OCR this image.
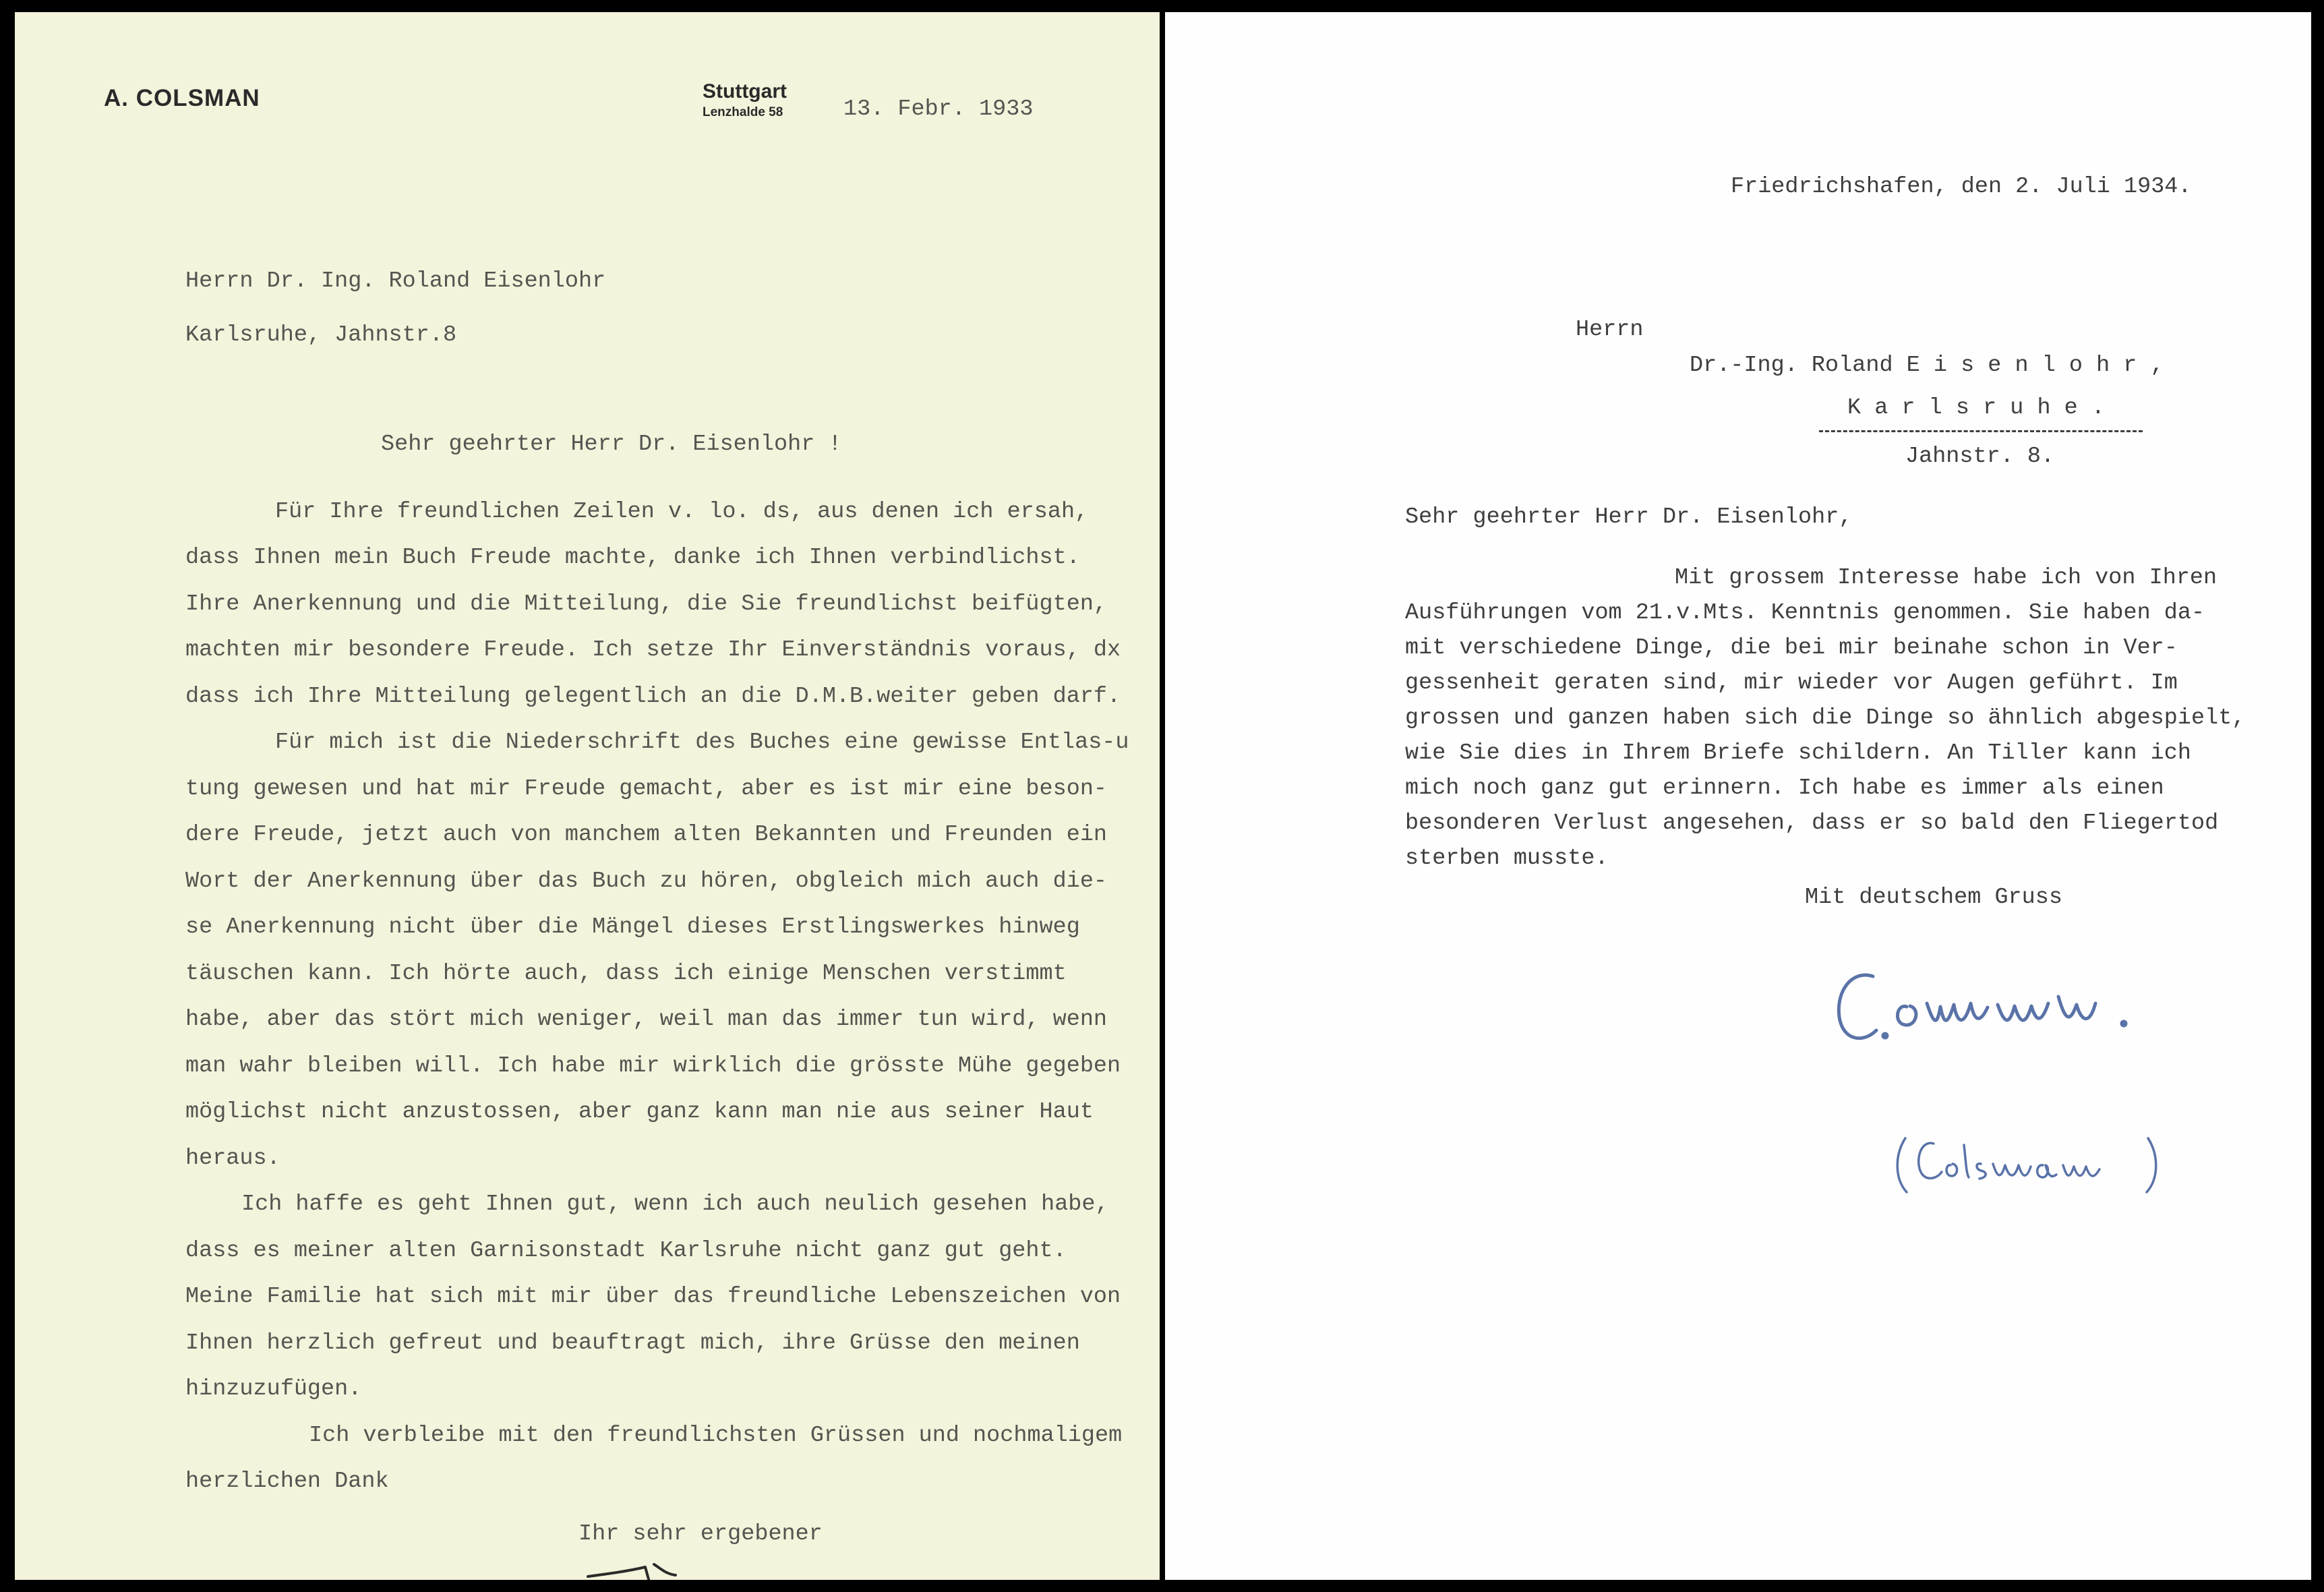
A. COLSMAN	Stuttgart
Lenzhalde 58	13. Febr. 1933
Herrn Dr. Ing. Roland Eisenlohr
Karlsruhe, Jahnstr.8
Sehr geehrter Herr Dr. Eisenlohr !
Für Ihre freundlichen Zeilen v. lo. ds, aus denen ich ersah,
dass Ihnen mein Buch Freude machte, danke ich Ihnen verbindlichst.
Ihre Anerkennung und die Mitteilung, die Sie freundlichst beifügten,
machten mir besondere Freude. Ich setze Ihr Einverständnis voraus, dx
dass ich Ihre Mitteilung gelegentlich an die D.M.B.weiter geben darf.
Für mich ist die Niederschrift des Buches eine gewisse Entlas-u
tung gewesen und hat mir Freude gemacht, aber es ist mir eine beson-
dere Freude, jetzt auch von manchem alten Bekannten und Freunden ein
Wort der Anerkennung über das Buch zu hören, obgleich mich auch die-
se Anerkennung nicht über die Mängel dieses Erstlingswerkes hinweg
täuschen kann. Ich hörte auch, dass ich einige Menschen verstimmt
habe, aber das stört mich weniger, weil man das immer tun wird, wenn
man wahr bleiben will. Ich habe mir wirklich die grösste Mühe gegeben
möglichst nicht anzustossen, aber ganz kann man nie aus seiner Haut
heraus.
Ich haffe es geht Ihnen gut, wenn ich auch neulich gesehen habe,
dass es meiner alten Garnisonstadt Karlsruhe nicht ganz gut geht.
Meine Familie hat sich mit mir über das freundliche Lebenszeichen von
Ihnen herzlich gefreut und beauftragt mich, ihre Grüsse den meinen
hinzuzufügen.
Ich verbleibe mit den freundlichsten Grüssen und nochmaligem
herzlichen Dank
Ihr sehr ergebener
Friedrichshafen, den 2. Juli 1934.
Herrn
Dr.-Ing. Roland E i s e n l o h r ,
K a r l s r u h e .
Jahnstr. 8.
Sehr geehrter Herr Dr. Eisenlohr,
Mit grossem Interesse habe ich von Ihren
Ausführungen vom 21.v.Mts. Kenntnis genommen. Sie haben da-
mit verschiedene Dinge, die bei mir beinahe schon in Ver-
gessenheit geraten sind, mir wieder vor Augen geführt. Im
grossen und ganzen haben sich die Dinge so ähnlich abgespielt,
wie Sie dies in Ihrem Briefe schildern. An Tiller kann ich
mich noch ganz gut erinnern. Ich habe es immer als einen
besonderen Verlust angesehen, dass er so bald den Fliegertod
sterben musste.
Mit deutschem Gruss
